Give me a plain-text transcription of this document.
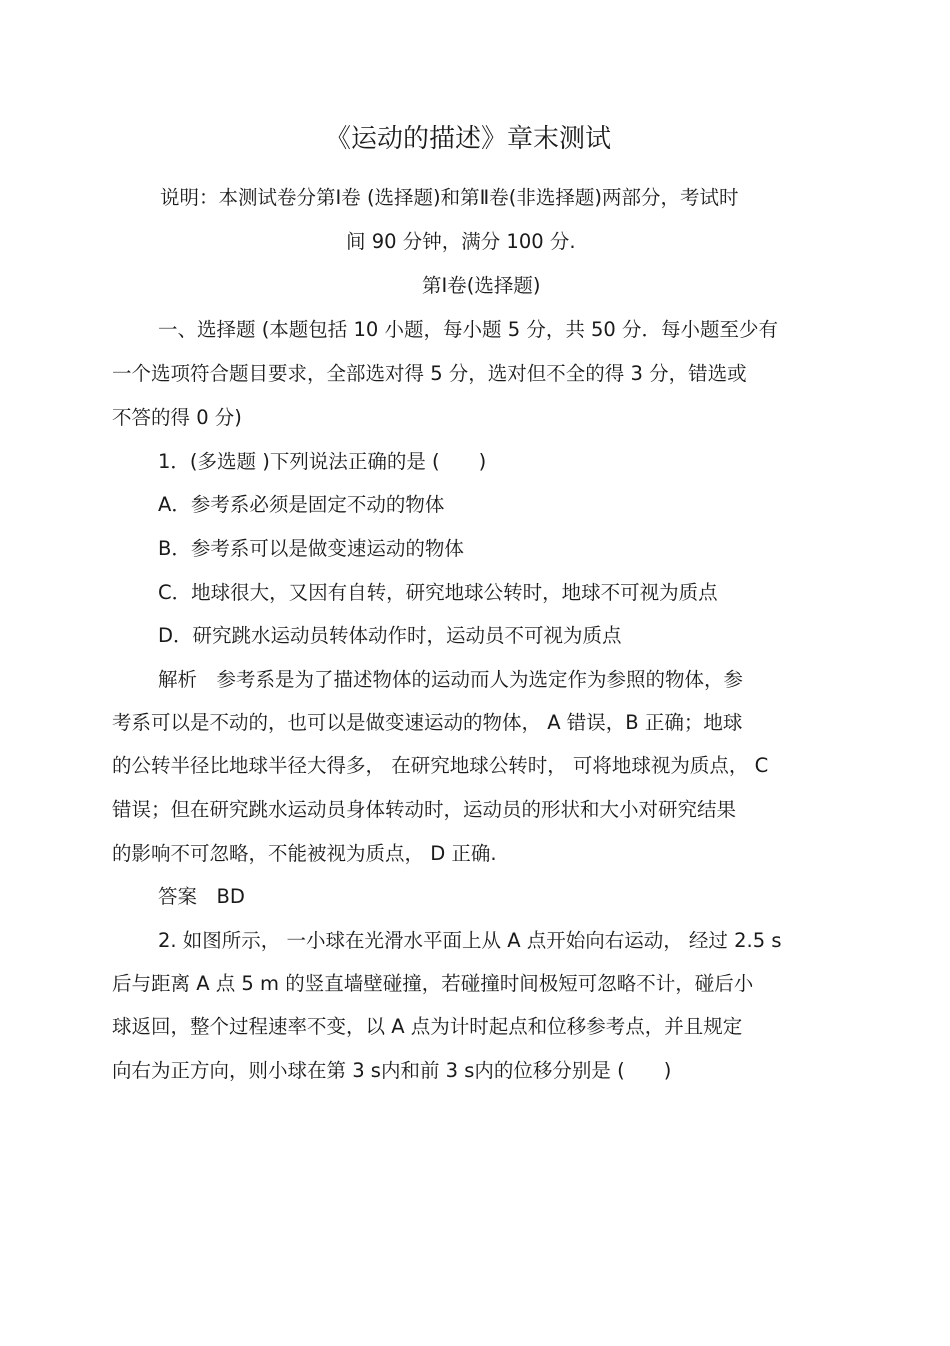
《运动的描述》章末测试
说明：本测试卷分第Ⅰ卷 (选择题)和第Ⅱ卷(非选择题)两部分，考试时
间 90 分钟，满分 100 分.
第Ⅰ卷(选择题)
一、选择题 (本题包括 10 小题，每小题 5 分，共 50 分．每小题至少有
一个选项符合题目要求，全部选对得 5 分，选对但不全的得 3 分，错选或
不答的得 0 分)
1．(多选题 )下列说法正确的是 (　　)
A．参考系必须是固定不动的物体
B．参考系可以是做变速运动的物体
C．地球很大，又因有自转，研究地球公转时，地球不可视为质点
D．研究跳水运动员转体动作时，运动员不可视为质点
解析　参考系是为了描述物体的运动而人为选定作为参照的物体，参
考系可以是不动的，也可以是做变速运动的物体， A 错误，B 正确；地球
的公转半径比地球半径大得多， 在研究地球公转时， 可将地球视为质点， C
错误；但在研究跳水运动员身体转动时，运动员的形状和大小对研究结果
的影响不可忽略，不能被视为质点， D 正确.
答案　BD
2. 如图所示， 一小球在光滑水平面上从 A 点开始向右运动， 经过 2.5 s
后与距离 A 点 5 m 的竖直墙壁碰撞，若碰撞时间极短可忽略不计，碰后小
球返回，整个过程速率不变，以 A 点为计时起点和位移参考点，并且规定
向右为正方向，则小球在第 3 s内和前 3 s内的位移分别是 (　　)
